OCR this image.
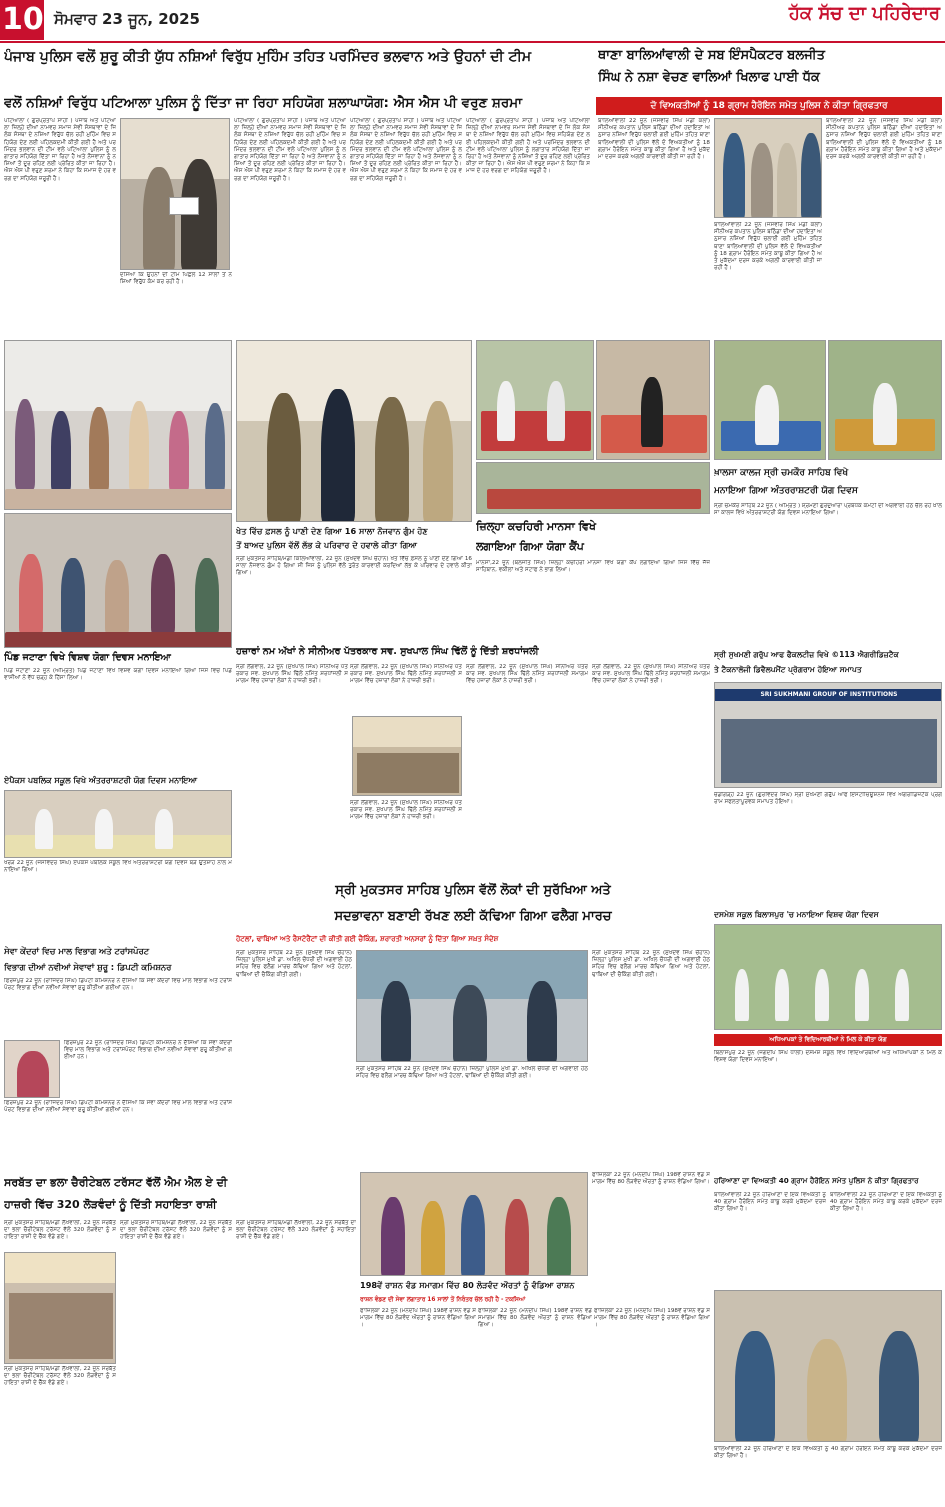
10 ਸੋਮਵਾਰ 23 ਜੂਨ, 2025	ਹੱਕ ਸੱਚ ਦਾ ਪਹਿਰੇਦਾਰ
ਪੰਜਾਬ ਪੁਲਿਸ ਵਲੋਂ ਸ਼ੁਰੂ ਕੀਤੀ ਯੁੱਧ ਨਸ਼ਿਆਂ ਵਿਰੁੱਧ ਮੁਹਿੰਮ ਤਹਿਤ ਪਰਮਿੰਦਰ ਭਲਵਾਨ ਅਤੇ ਉਹਨਾਂ ਦੀ ਟੀਮ
ਵਲੋਂ ਨਸ਼ਿਆਂ ਵਿਰੁੱਧ ਪਟਿਆਲਾ ਪੁਲਿਸ ਨੂੰ ਦਿੱਤਾ ਜਾ ਰਿਹਾ ਸਹਿਯੋਗ ਸ਼ਲਾਘਾਯੋਗ: ਐਸ ਐਸ ਪੀ ਵਰੁਣ ਸ਼ਰਮਾ
ਪਟਿਆਲਾ ( ਗੁਰਪ੍ਰਤਾਪ ਸਾਹੀ ) ਪੰਜਾਬ ਅਤੇ ਪਟਿਆਲਾ ਜ਼ਿਲ੍ਹੇ ਦੀਆਂ ਨਾਮਵਰ ਸਮਾਜ ਸੇਵੀ ਸੰਸਥਾਵਾਂ ਦੇ ਜਿ ਲੋਕ ਸੰਸਥਾ ਦੇ ਨਸ਼ਿਆਂ ਵਿਰੁੱਧ ਚੱਲ ਰਹੀ ਮੁਹਿੰਮ ਵਿਚ ਸਹਿਯੋਗ ਦੇਣ ਲਈ ਪਹਿਲਕਦਮੀ ਕੀਤੀ ਗਈ ਹੈ ਅਤੇ ਪਰਮਿੰਦਰ ਭਲਵਾਨ ਦੀ ਟੀਮ ਵਲੋਂ ਪਟਿਆਲਾ ਪੁਲਿਸ ਨੂੰ ਲਗਾਤਾਰ ਸਹਿਯੋਗ ਦਿੱਤਾ ਜਾ ਰਿਹਾ ਹੈ ਅਤੇ ਨੌਜਵਾਨਾਂ ਨੂੰ ਨਸ਼ਿਆਂ ਤੋਂ ਦੂਰ ਰਹਿਣ ਲਈ ਪ੍ਰੇਰਿਤ ਕੀਤਾ ਜਾ ਰਿਹਾ ਹੈ। ਐਸ ਐਸ ਪੀ ਵਰੁਣ ਸ਼ਰਮਾ ਨੇ ਕਿਹਾ ਕਿ ਸਮਾਜ ਦੇ ਹਰ ਵਰਗ ਦਾ ਸਹਿਯੋਗ ਜ਼ਰੂਰੀ ਹੈ।
ਪਟਿਆਲਾ ( ਗੁਰਪ੍ਰਤਾਪ ਸਾਹੀ ) ਪੰਜਾਬ ਅਤੇ ਪਟਿਆਲਾ ਜ਼ਿਲ੍ਹੇ ਦੀਆਂ ਨਾਮਵਰ ਸਮਾਜ ਸੇਵੀ ਸੰਸਥਾਵਾਂ ਦੇ ਜਿ ਲੋਕ ਸੰਸਥਾ ਦੇ ਨਸ਼ਿਆਂ ਵਿਰੁੱਧ ਚੱਲ ਰਹੀ ਮੁਹਿੰਮ ਵਿਚ ਸਹਿਯੋਗ ਦੇਣ ਲਈ ਪਹਿਲਕਦਮੀ ਕੀਤੀ ਗਈ ਹੈ ਅਤੇ ਪਰਮਿੰਦਰ ਭਲਵਾਨ ਦੀ ਟੀਮ ਵਲੋਂ ਪਟਿਆਲਾ ਪੁਲਿਸ ਨੂੰ ਲਗਾਤਾਰ ਸਹਿਯੋਗ ਦਿੱਤਾ ਜਾ ਰਿਹਾ ਹੈ ਅਤੇ ਨੌਜਵਾਨਾਂ ਨੂੰ ਨਸ਼ਿਆਂ ਤੋਂ ਦੂਰ ਰਹਿਣ ਲਈ ਪ੍ਰੇਰਿਤ ਕੀਤਾ ਜਾ ਰਿਹਾ ਹੈ। ਐਸ ਐਸ ਪੀ ਵਰੁਣ ਸ਼ਰਮਾ ਨੇ ਕਿਹਾ ਕਿ ਸਮਾਜ ਦੇ ਹਰ ਵਰਗ ਦਾ ਸਹਿਯੋਗ ਜ਼ਰੂਰੀ ਹੈ।
ਪਟਿਆਲਾ ( ਗੁਰਪ੍ਰਤਾਪ ਸਾਹੀ ) ਪੰਜਾਬ ਅਤੇ ਪਟਿਆਲਾ ਜ਼ਿਲ੍ਹੇ ਦੀਆਂ ਨਾਮਵਰ ਸਮਾਜ ਸੇਵੀ ਸੰਸਥਾਵਾਂ ਦੇ ਜਿ ਲੋਕ ਸੰਸਥਾ ਦੇ ਨਸ਼ਿਆਂ ਵਿਰੁੱਧ ਚੱਲ ਰਹੀ ਮੁਹਿੰਮ ਵਿਚ ਸਹਿਯੋਗ ਦੇਣ ਲਈ ਪਹਿਲਕਦਮੀ ਕੀਤੀ ਗਈ ਹੈ ਅਤੇ ਪਰਮਿੰਦਰ ਭਲਵਾਨ ਦੀ ਟੀਮ ਵਲੋਂ ਪਟਿਆਲਾ ਪੁਲਿਸ ਨੂੰ ਲਗਾਤਾਰ ਸਹਿਯੋਗ ਦਿੱਤਾ ਜਾ ਰਿਹਾ ਹੈ ਅਤੇ ਨੌਜਵਾਨਾਂ ਨੂੰ ਨਸ਼ਿਆਂ ਤੋਂ ਦੂਰ ਰਹਿਣ ਲਈ ਪ੍ਰੇਰਿਤ ਕੀਤਾ ਜਾ ਰਿਹਾ ਹੈ। ਐਸ ਐਸ ਪੀ ਵਰੁਣ ਸ਼ਰਮਾ ਨੇ ਕਿਹਾ ਕਿ ਸਮਾਜ ਦੇ ਹਰ ਵਰਗ ਦਾ ਸਹਿਯੋਗ ਜ਼ਰੂਰੀ ਹੈ।
ਪਟਿਆਲਾ ( ਗੁਰਪ੍ਰਤਾਪ ਸਾਹੀ ) ਪੰਜਾਬ ਅਤੇ ਪਟਿਆਲਾ ਜ਼ਿਲ੍ਹੇ ਦੀਆਂ ਨਾਮਵਰ ਸਮਾਜ ਸੇਵੀ ਸੰਸਥਾਵਾਂ ਦੇ ਜਿ ਲੋਕ ਸੰਸਥਾ ਦੇ ਨਸ਼ਿਆਂ ਵਿਰੁੱਧ ਚੱਲ ਰਹੀ ਮੁਹਿੰਮ ਵਿਚ ਸਹਿਯੋਗ ਦੇਣ ਲਈ ਪਹਿਲਕਦਮੀ ਕੀਤੀ ਗਈ ਹੈ ਅਤੇ ਪਰਮਿੰਦਰ ਭਲਵਾਨ ਦੀ ਟੀਮ ਵਲੋਂ ਪਟਿਆਲਾ ਪੁਲਿਸ ਨੂੰ ਲਗਾਤਾਰ ਸਹਿਯੋਗ ਦਿੱਤਾ ਜਾ ਰਿਹਾ ਹੈ ਅਤੇ ਨੌਜਵਾਨਾਂ ਨੂੰ ਨਸ਼ਿਆਂ ਤੋਂ ਦੂਰ ਰਹਿਣ ਲਈ ਪ੍ਰੇਰਿਤ ਕੀਤਾ ਜਾ ਰਿਹਾ ਹੈ। ਐਸ ਐਸ ਪੀ ਵਰੁਣ ਸ਼ਰਮਾ ਨੇ ਕਿਹਾ ਕਿ ਸਮਾਜ ਦੇ ਹਰ ਵਰਗ ਦਾ ਸਹਿਯੋਗ ਜ਼ਰੂਰੀ ਹੈ।
ਦਸਿਆ ਕਿ ਉਹਨਾਂ ਦੀ ਟੀਮ ਪਿਛਲੇ 12 ਸਾਲਾਂ ਤੋਂ ਨਸ਼ਿਆਂ ਵਿਰੁੱਧ ਕੰਮ ਕਰ ਰਹੀ ਹੈ।
ਥਾਣਾ ਬਾਲਿਆਂਵਾਲੀ ਦੇ ਸਬ ਇੰਸਪੈਕਟਰ ਬਲਜੀਤ
ਸਿੰਘ ਨੇ ਨਸ਼ਾ ਵੇਚਣ ਵਾਲਿਆਂ ਖਿਲਾਫ ਪਾਈ ਧੱਕ
ਦੋ ਵਿਅਕਤੀਆਂ ਨੂੰ 18 ਗ੍ਰਾਮ ਹੈਰੋਇਨ ਸਮੇਤ ਪੁਲਿਸ ਨੇ ਕੀਤਾ ਗ੍ਰਿਫਤਾਰ
ਬਾਲਿਆਂਵਾਲੀ 22 ਜੂਨ (ਜਸਵੀਰ ਸਿੰਘ ਮੰਡੀ ਕਲਾਂ) ਸੀਨੀਅਰ ਕਪਤਾਨ ਪੁਲਿਸ ਬਠਿੰਡਾ ਦੀਆਂ ਹਦਾਇਤਾਂ ਅਨੁਸਾਰ ਨਸ਼ਿਆਂ ਵਿਰੁੱਧ ਚਲਾਈ ਗਈ ਮੁਹਿੰਮ ਤਹਿਤ ਥਾਣਾ ਬਾਲਿਆਂਵਾਲੀ ਦੀ ਪੁਲਿਸ ਵੱਲੋਂ ਦੋ ਵਿਅਕਤੀਆਂ ਨੂੰ 18 ਗ੍ਰਾਮ ਹੈਰੋਇਨ ਸਮੇਤ ਕਾਬੂ ਕੀਤਾ ਗਿਆ ਹੈ ਅਤੇ ਮੁਕੱਦਮਾ ਦਰਜ ਕਰਕੇ ਅਗਲੀ ਕਾਰਵਾਈ ਕੀਤੀ ਜਾ ਰਹੀ ਹੈ।
ਬਾਲਿਆਂਵਾਲੀ 22 ਜੂਨ (ਜਸਵੀਰ ਸਿੰਘ ਮੰਡੀ ਕਲਾਂ) ਸੀਨੀਅਰ ਕਪਤਾਨ ਪੁਲਿਸ ਬਠਿੰਡਾ ਦੀਆਂ ਹਦਾਇਤਾਂ ਅਨੁਸਾਰ ਨਸ਼ਿਆਂ ਵਿਰੁੱਧ ਚਲਾਈ ਗਈ ਮੁਹਿੰਮ ਤਹਿਤ ਥਾਣਾ ਬਾਲਿਆਂਵਾਲੀ ਦੀ ਪੁਲਿਸ ਵੱਲੋਂ ਦੋ ਵਿਅਕਤੀਆਂ ਨੂੰ 18 ਗ੍ਰਾਮ ਹੈਰੋਇਨ ਸਮੇਤ ਕਾਬੂ ਕੀਤਾ ਗਿਆ ਹੈ ਅਤੇ ਮੁਕੱਦਮਾ ਦਰਜ ਕਰਕੇ ਅਗਲੀ ਕਾਰਵਾਈ ਕੀਤੀ ਜਾ ਰਹੀ ਹੈ।
ਬਾਲਿਆਂਵਾਲੀ 22 ਜੂਨ (ਜਸਵੀਰ ਸਿੰਘ ਮੰਡੀ ਕਲਾਂ) ਸੀਨੀਅਰ ਕਪਤਾਨ ਪੁਲਿਸ ਬਠਿੰਡਾ ਦੀਆਂ ਹਦਾਇਤਾਂ ਅਨੁਸਾਰ ਨਸ਼ਿਆਂ ਵਿਰੁੱਧ ਚਲਾਈ ਗਈ ਮੁਹਿੰਮ ਤਹਿਤ ਥਾਣਾ ਬਾਲਿਆਂਵਾਲੀ ਦੀ ਪੁਲਿਸ ਵੱਲੋਂ ਦੋ ਵਿਅਕਤੀਆਂ ਨੂੰ 18 ਗ੍ਰਾਮ ਹੈਰੋਇਨ ਸਮੇਤ ਕਾਬੂ ਕੀਤਾ ਗਿਆ ਹੈ ਅਤੇ ਮੁਕੱਦਮਾ ਦਰਜ ਕਰਕੇ ਅਗਲੀ ਕਾਰਵਾਈ ਕੀਤੀ ਜਾ ਰਹੀ ਹੈ।
ਪਿੰਡ ਜਟਾਣਾ ਵਿਖੇ ਵਿਸ਼ਵ ਯੋਗਾ ਦਿਵਸ ਮਨਾਇਆ
ਪਿੰਡ ਜਟਾਣਾ 22 ਜੂਨ (ਅੰਮ੍ਰਿਤ) ਪਿੰਡ ਜਟਾਣਾ ਵਿਖੇ ਵਿਸ਼ਵ ਯੋਗਾ ਦਿਵਸ ਮਨਾਇਆ ਗਿਆ ਜਿਸ ਵਿਚ ਪਿੰਡ ਵਾਸੀਆਂ ਨੇ ਵੱਧ ਚੜ੍ਹ ਕੇ ਹਿੱਸਾ ਲਿਆ।
ਏਪੈਕਸ ਪਬਲਿਕ ਸਕੂਲ ਵਿਖੇ ਅੰਤਰਰਾਸ਼ਟਰੀ ਯੋਗ ਦਿਵਸ ਮਨਾਇਆ
ਖੇਤ ਵਿੱਚ ਫ਼ਸਲ ਨੂੰ ਪਾਣੀ ਦੇਣ ਗਿਆ 16 ਸਾਲਾ ਨੌਜਵਾਨ ਗੁੰਮ ਹੋਣ
ਤੋਂ ਬਾਅਦ ਪੁਲਿਸ ਵੱਲੋਂ ਲੱਭ ਕੇ ਪਰਿਵਾਰ ਦੇ ਹਵਾਲੇ ਕੀਤਾ ਗਿਆ
ਸ੍ਰੀ ਮੁਕਤਸਰ ਸਾਹਿਬ/ਮੰਡੀ ਕਿਲਿਆਂਵਾਲੀ, 22 ਜੂਨ (ਸੁਖਦੇਵ ਸਿੰਘ ਚੌਹਾਨ) ਖੇਤ ਵਿੱਚ ਫ਼ਸਲ ਨੂੰ ਪਾਣੀ ਦੇਣ ਗਿਆ 16 ਸਾਲਾ ਨੌਜਵਾਨ ਗੁੰਮ ਹੋ ਗਿਆ ਸੀ ਜਿਸ ਨੂੰ ਪੁਲਿਸ ਵੱਲੋਂ ਤੁਰੰਤ ਕਾਰਵਾਈ ਕਰਦਿਆਂ ਲੱਭ ਕੇ ਪਰਿਵਾਰ ਦੇ ਹਵਾਲੇ ਕੀਤਾ ਗਿਆ।
ਜ਼ਿਲ੍ਹਾ ਕਚਹਿਰੀ ਮਾਨਸਾ ਵਿਖੇ
ਲਗਾਇਆ ਗਿਆ ਯੋਗਾ ਕੈਂਪ
ਮਾਨਸਾ,22 ਜੂਨ (ਬਲਜੀਤ ਸਿੰਘ) ਜ਼ਿਲ੍ਹਾ ਕਚਹਿਰੀ ਮਾਨਸਾ ਵਿਖੇ ਯੋਗਾ ਕੈਂਪ ਲਗਾਇਆ ਗਿਆ ਜਿਸ ਵਿੱਚ ਜੱਜ ਸਾਹਿਬਾਨ, ਵਕੀਲਾਂ ਅਤੇ ਸਟਾਫ ਨੇ ਭਾਗ ਲਿਆ।
ਖ਼ਾਲਸਾ ਕਾਲਜ ਸ੍ਰੀ ਚਮਕੌਰ ਸਾਹਿਬ ਵਿਖੇ
ਮਨਾਇਆ ਗਿਆ ਅੰਤਰਰਾਸ਼ਟਰੀ ਯੋਗ ਦਿਵਸ
ਸ੍ਰੀ ਚਮਕੌਰ ਸਾਹਿਬ 22 ਜੂਨ ( ਅੰਮ੍ਰਿਤ ) ਸ਼੍ਰੋਮਣੀ ਗੁਰਦੁਆਰਾ ਪ੍ਰਬੰਧਕ ਕਮੇਟੀ ਦੀ ਅਗਵਾਈ ਹੇਠ ਚੱਲ ਰਹੇ ਖ਼ਾਲਸਾ ਕਾਲਜ ਵਿਖੇ ਅੰਤਰਰਾਸ਼ਟਰੀ ਯੋਗ ਦਿਵਸ ਮਨਾਇਆ ਗਿਆ।
ਹਜ਼ਾਰਾਂ ਨਮ ਅੱਖਾਂ ਨੇ ਸੀਨੀਅਰ ਪੱਤਰਕਾਰ ਸਵ. ਸੁਖਪਾਲ ਸਿੰਘ ਢਿੱਲੋਂ ਨੂੰ ਦਿੱਤੀ ਸ਼ਰਧਾਂਜਲੀ
ਸ੍ਰੀ ਲੌਂਗੋਵਾਲ, 22 ਜੂਨ (ਸੁਖਪਾਲ ਸਿੰਘ) ਸੀਨੀਅਰ ਪੱਤਰਕਾਰ ਸਵ. ਸੁਖਪਾਲ ਸਿੰਘ ਢਿੱਲੋਂ ਨਮਿੱਤ ਸ਼ਰਧਾਂਜਲੀ ਸਮਾਗਮ ਵਿੱਚ ਹਜ਼ਾਰਾਂ ਲੋਕਾਂ ਨੇ ਹਾਜ਼ਰੀ ਭਰੀ।
ਸ੍ਰੀ ਲੌਂਗੋਵਾਲ, 22 ਜੂਨ (ਸੁਖਪਾਲ ਸਿੰਘ) ਸੀਨੀਅਰ ਪੱਤਰਕਾਰ ਸਵ. ਸੁਖਪਾਲ ਸਿੰਘ ਢਿੱਲੋਂ ਨਮਿੱਤ ਸ਼ਰਧਾਂਜਲੀ ਸਮਾਗਮ ਵਿੱਚ ਹਜ਼ਾਰਾਂ ਲੋਕਾਂ ਨੇ ਹਾਜ਼ਰੀ ਭਰੀ।
ਸ੍ਰੀ ਲੌਂਗੋਵਾਲ, 22 ਜੂਨ (ਸੁਖਪਾਲ ਸਿੰਘ) ਸੀਨੀਅਰ ਪੱਤਰਕਾਰ ਸਵ. ਸੁਖਪਾਲ ਸਿੰਘ ਢਿੱਲੋਂ ਨਮਿੱਤ ਸ਼ਰਧਾਂਜਲੀ ਸਮਾਗਮ ਵਿੱਚ ਹਜ਼ਾਰਾਂ ਲੋਕਾਂ ਨੇ ਹਾਜ਼ਰੀ ਭਰੀ।
ਸ੍ਰੀ ਲੌਂਗੋਵਾਲ, 22 ਜੂਨ (ਸੁਖਪਾਲ ਸਿੰਘ) ਸੀਨੀਅਰ ਪੱਤਰਕਾਰ ਸਵ. ਸੁਖਪਾਲ ਸਿੰਘ ਢਿੱਲੋਂ ਨਮਿੱਤ ਸ਼ਰਧਾਂਜਲੀ ਸਮਾਗਮ ਵਿੱਚ ਹਜ਼ਾਰਾਂ ਲੋਕਾਂ ਨੇ ਹਾਜ਼ਰੀ ਭਰੀ।
ਸ੍ਰੀ ਲੌਂਗੋਵਾਲ, 22 ਜੂਨ (ਸੁਖਪਾਲ ਸਿੰਘ) ਸੀਨੀਅਰ ਪੱਤਰਕਾਰ ਸਵ. ਸੁਖਪਾਲ ਸਿੰਘ ਢਿੱਲੋਂ ਨਮਿੱਤ ਸ਼ਰਧਾਂਜਲੀ ਸਮਾਗਮ ਵਿੱਚ ਹਜ਼ਾਰਾਂ ਲੋਕਾਂ ਨੇ ਹਾਜ਼ਰੀ ਭਰੀ।
ਸ੍ਰੀ ਸੁਖਮਣੀ ਗਰੁੱਪ ਆਫ ਫੈਕਲਟੀਜ਼ ਵਿਖੇ ©113 ਐਗਰੀਡਿਜ਼ਟੈਕ
ਤੇ ਟੈਕਨਾਲੋਜੀ ਡਿਵੈਲਪਮੈਂਟ ਪ੍ਰੋਗਰਾਮ ਹੋਇਆ ਸਮਾਪਤ
SRI SUKHMANI GROUP OF INSTITUTIONS
ਚੰਡੀਗੜ੍ਹ 22 ਜੂਨ (ਗੁਰਵਿੰਦਰ ਸਿੰਘ) ਸ੍ਰੀ ਸੁਖਮਣੀ ਗਰੁੱਪ ਆਫ ਇੰਸਟੀਚਿਊਸ਼ਨਜ਼ ਵਿਖੇ ਐਗਰੀਡਿਜ਼ਟੈਕ ਪ੍ਰੋਗਰਾਮ ਸਫਲਤਾਪੂਰਵਕ ਸਮਾਪਤ ਹੋਇਆ।
ਖਰੜ 22 ਜੂਨ (ਜਸਵਿੰਦਰ ਸਿੰਘ) ਏਪੈਕਸ ਪਬਲਿਕ ਸਕੂਲ ਵਿਖੇ ਅੰਤਰਰਾਸ਼ਟਰੀ ਯੋਗ ਦਿਵਸ ਬੜੇ ਉਤਸ਼ਾਹ ਨਾਲ ਮਨਾਇਆ ਗਿਆ।
ਸ੍ਰੀ ਮੁਕਤਸਰ ਸਾਹਿਬ ਪੁਲਿਸ ਵੱਲੋਂ ਲੋਕਾਂ ਦੀ ਸੁਰੱਖਿਆ ਅਤੇ
ਸਦਭਾਵਨਾ ਬਣਾਈ ਰੱਖਣ ਲਈ ਕੱਢਿਆ ਗਿਆ ਫਲੈਗ ਮਾਰਚ
ਹੋਟਲਾਂ, ਢਾਬਿਆਂ ਅਤੇ ਰੈਸਟੋਰੈਂਟਾਂ ਦੀ ਕੀਤੀ ਗਈ ਚੈਕਿੰਗ, ਸ਼ਰਾਰਤੀ ਅਨਸਰਾਂ ਨੂੰ ਦਿੱਤਾ ਗਿਆ ਸਖ਼ਤ ਸੰਦੇਸ਼
ਸ੍ਰੀ ਮੁਕਤਸਰ ਸਾਹਿਬ 22 ਜੂਨ (ਸੁਖਦੇਵ ਸਿੰਘ ਚੌਹਾਨ) ਜ਼ਿਲ੍ਹਾ ਪੁਲਿਸ ਮੁਖੀ ਡਾ. ਅਖਿਲ ਚੌਧਰੀ ਦੀ ਅਗਵਾਈ ਹੇਠ ਸ਼ਹਿਰ ਵਿਚ ਫਲੈਗ ਮਾਰਚ ਕੱਢਿਆ ਗਿਆ ਅਤੇ ਹੋਟਲਾਂ, ਢਾਬਿਆਂ ਦੀ ਚੈਕਿੰਗ ਕੀਤੀ ਗਈ।
ਸ੍ਰੀ ਮੁਕਤਸਰ ਸਾਹਿਬ 22 ਜੂਨ (ਸੁਖਦੇਵ ਸਿੰਘ ਚੌਹਾਨ) ਜ਼ਿਲ੍ਹਾ ਪੁਲਿਸ ਮੁਖੀ ਡਾ. ਅਖਿਲ ਚੌਧਰੀ ਦੀ ਅਗਵਾਈ ਹੇਠ ਸ਼ਹਿਰ ਵਿਚ ਫਲੈਗ ਮਾਰਚ ਕੱਢਿਆ ਗਿਆ ਅਤੇ ਹੋਟਲਾਂ, ਢਾਬਿਆਂ ਦੀ ਚੈਕਿੰਗ ਕੀਤੀ ਗਈ।
ਸ੍ਰੀ ਮੁਕਤਸਰ ਸਾਹਿਬ 22 ਜੂਨ (ਸੁਖਦੇਵ ਸਿੰਘ ਚੌਹਾਨ) ਜ਼ਿਲ੍ਹਾ ਪੁਲਿਸ ਮੁਖੀ ਡਾ. ਅਖਿਲ ਚੌਧਰੀ ਦੀ ਅਗਵਾਈ ਹੇਠ ਸ਼ਹਿਰ ਵਿਚ ਫਲੈਗ ਮਾਰਚ ਕੱਢਿਆ ਗਿਆ ਅਤੇ ਹੋਟਲਾਂ, ਢਾਬਿਆਂ ਦੀ ਚੈਕਿੰਗ ਕੀਤੀ ਗਈ।
ਸੇਵਾ ਕੇਂਦਰਾਂ ਵਿਚ ਮਾਲ ਵਿਭਾਗ ਅਤੇ ਟਰਾਂਸਪੋਰਟ
ਵਿਭਾਗ ਦੀਆਂ ਨਵੀਆਂ ਸੇਵਾਵਾਂ ਸ਼ੁਰੂ : ਡਿਪਟੀ ਕਮਿਸ਼ਨਰ
ਫਿਰੋਜ਼ਪੁਰ 22 ਜੂਨ (ਰਾਜਿੰਦਰ ਸਿੰਘ) ਡਿਪਟੀ ਕਮਿਸ਼ਨਰ ਨੇ ਦੱਸਿਆ ਕਿ ਸੇਵਾ ਕੇਂਦਰਾਂ ਵਿਚ ਮਾਲ ਵਿਭਾਗ ਅਤੇ ਟਰਾਂਸਪੋਰਟ ਵਿਭਾਗ ਦੀਆਂ ਨਵੀਆਂ ਸੇਵਾਵਾਂ ਸ਼ੁਰੂ ਕੀਤੀਆਂ ਗਈਆਂ ਹਨ।
ਫਿਰੋਜ਼ਪੁਰ 22 ਜੂਨ (ਰਾਜਿੰਦਰ ਸਿੰਘ) ਡਿਪਟੀ ਕਮਿਸ਼ਨਰ ਨੇ ਦੱਸਿਆ ਕਿ ਸੇਵਾ ਕੇਂਦਰਾਂ ਵਿਚ ਮਾਲ ਵਿਭਾਗ ਅਤੇ ਟਰਾਂਸਪੋਰਟ ਵਿਭਾਗ ਦੀਆਂ ਨਵੀਆਂ ਸੇਵਾਵਾਂ ਸ਼ੁਰੂ ਕੀਤੀਆਂ ਗਈਆਂ ਹਨ।
ਫਿਰੋਜ਼ਪੁਰ 22 ਜੂਨ (ਰਾਜਿੰਦਰ ਸਿੰਘ) ਡਿਪਟੀ ਕਮਿਸ਼ਨਰ ਨੇ ਦੱਸਿਆ ਕਿ ਸੇਵਾ ਕੇਂਦਰਾਂ ਵਿਚ ਮਾਲ ਵਿਭਾਗ ਅਤੇ ਟਰਾਂਸਪੋਰਟ ਵਿਭਾਗ ਦੀਆਂ ਨਵੀਆਂ ਸੇਵਾਵਾਂ ਸ਼ੁਰੂ ਕੀਤੀਆਂ ਗਈਆਂ ਹਨ।
ਦਸਮੇਸ਼ ਸਕੂਲ ਬਿਲਾਸਪੁਰ 'ਚ ਮਨਾਇਆ ਵਿਸ਼ਵ ਯੋਗਾ ਦਿਵਸ
ਅਧਿਆਪਕਾਂ ਤੇ ਵਿਦਿਆਰਥੀਆਂ ਨੇ ਮਿਲ ਕੇ ਕੀਤਾ ਯੋਗ
ਬਿਲਾਸਪੁਰ 22 ਜੂਨ (ਜਗਦੀਪ ਸਿੰਘ ਧਾਲੀ) ਦਸਮੇਸ਼ ਸਕੂਲ ਵਿਖੇ ਵਿਦਿਆਰਥੀਆਂ ਅਤੇ ਅਧਿਆਪਕਾਂ ਨੇ ਮਿਲ ਕੇ ਵਿਸ਼ਵ ਯੋਗਾ ਦਿਵਸ ਮਨਾਇਆ।
ਸਰਬੱਤ ਦਾ ਭਲਾ ਚੈਰੀਟੇਬਲ ਟਰੱਸਟ ਵੱਲੋਂ ਐਮ ਐਲ ਏ ਦੀ
ਹਾਜ਼ਰੀ ਵਿੱਚ 320 ਲੋੜਵੰਦਾਂ ਨੂੰ ਦਿੱਤੀ ਸਹਾਇਤਾ ਰਾਸ਼ੀ
ਸ੍ਰੀ ਮੁਕਤਸਰ ਸਾਹਿਬ/ਮੰਡੀ ਲੱਖੇਵਾਲੀ, 22 ਜੂਨ ਸਰਬੱਤ ਦਾ ਭਲਾ ਚੈਰੀਟੇਬਲ ਟਰੱਸਟ ਵੱਲੋਂ 320 ਲੋੜਵੰਦਾਂ ਨੂੰ ਸਹਾਇਤਾ ਰਾਸ਼ੀ ਦੇ ਚੈੱਕ ਵੰਡੇ ਗਏ।
ਸ੍ਰੀ ਮੁਕਤਸਰ ਸਾਹਿਬ/ਮੰਡੀ ਲੱਖੇਵਾਲੀ, 22 ਜੂਨ ਸਰਬੱਤ ਦਾ ਭਲਾ ਚੈਰੀਟੇਬਲ ਟਰੱਸਟ ਵੱਲੋਂ 320 ਲੋੜਵੰਦਾਂ ਨੂੰ ਸਹਾਇਤਾ ਰਾਸ਼ੀ ਦੇ ਚੈੱਕ ਵੰਡੇ ਗਏ।
ਸ੍ਰੀ ਮੁਕਤਸਰ ਸਾਹਿਬ/ਮੰਡੀ ਲੱਖੇਵਾਲੀ, 22 ਜੂਨ ਸਰਬੱਤ ਦਾ ਭਲਾ ਚੈਰੀਟੇਬਲ ਟਰੱਸਟ ਵੱਲੋਂ 320 ਲੋੜਵੰਦਾਂ ਨੂੰ ਸਹਾਇਤਾ ਰਾਸ਼ੀ ਦੇ ਚੈੱਕ ਵੰਡੇ ਗਏ।
ਸ੍ਰੀ ਮੁਕਤਸਰ ਸਾਹਿਬ/ਮੰਡੀ ਲੱਖੇਵਾਲੀ, 22 ਜੂਨ ਸਰਬੱਤ ਦਾ ਭਲਾ ਚੈਰੀਟੇਬਲ ਟਰੱਸਟ ਵੱਲੋਂ 320 ਲੋੜਵੰਦਾਂ ਨੂੰ ਸਹਾਇਤਾ ਰਾਸ਼ੀ ਦੇ ਚੈੱਕ ਵੰਡੇ ਗਏ।
198ਵੇਂ ਰਾਸ਼ਨ ਵੰਡ ਸਮਾਗਮ ਵਿੱਚ 80 ਲੋੜਵੰਦ ਔਰਤਾਂ ਨੂੰ ਵੰਡਿਆ ਰਾਸ਼ਨ
ਰਾਸ਼ਨ ਵੰਡਣ ਦੀ ਸੇਵਾ ਲਗਾਤਾਰ 16 ਸਾਲਾਂ ਤੋਂ ਨਿਰੰਤਰ ਚੱਲ ਰਹੀ ਹੈ - ਟਕਸਿਆਂ
ਫਾਜ਼ਿਲਕਾ 22 ਜੂਨ (ਮਨਦੀਪ ਸਿੰਘ) 198ਵੇਂ ਰਾਸ਼ਨ ਵੰਡ ਸਮਾਗਮ ਵਿੱਚ 80 ਲੋੜਵੰਦ ਔਰਤਾਂ ਨੂੰ ਰਾਸ਼ਨ ਵੰਡਿਆ ਗਿਆ।
ਫਾਜ਼ਿਲਕਾ 22 ਜੂਨ (ਮਨਦੀਪ ਸਿੰਘ) 198ਵੇਂ ਰਾਸ਼ਨ ਵੰਡ ਸਮਾਗਮ ਵਿੱਚ 80 ਲੋੜਵੰਦ ਔਰਤਾਂ ਨੂੰ ਰਾਸ਼ਨ ਵੰਡਿਆ ਗਿਆ।
ਫਾਜ਼ਿਲਕਾ 22 ਜੂਨ (ਮਨਦੀਪ ਸਿੰਘ) 198ਵੇਂ ਰਾਸ਼ਨ ਵੰਡ ਸਮਾਗਮ ਵਿੱਚ 80 ਲੋੜਵੰਦ ਔਰਤਾਂ ਨੂੰ ਰਾਸ਼ਨ ਵੰਡਿਆ ਗਿਆ।
ਫਾਜ਼ਿਲਕਾ 22 ਜੂਨ (ਮਨਦੀਪ ਸਿੰਘ) 198ਵੇਂ ਰਾਸ਼ਨ ਵੰਡ ਸਮਾਗਮ ਵਿੱਚ 80 ਲੋੜਵੰਦ ਔਰਤਾਂ ਨੂੰ ਰਾਸ਼ਨ ਵੰਡਿਆ ਗਿਆ।
ਹਰਿਆਣਾ ਦਾ ਵਿਅਕਤੀ 40 ਗ੍ਰਾਮ ਹੈਰੋਇਨ ਸਮੇਤ ਪੁਲਿਸ ਨੇ ਕੀਤਾ ਗ੍ਰਿਫਤਾਰ
ਬਾਲਿਆਂਵਾਲੀ 22 ਜੂਨ ਹਰਿਆਣਾ ਦੇ ਇਕ ਵਿਅਕਤੀ ਨੂੰ 40 ਗ੍ਰਾਮ ਹੈਰੋਇਨ ਸਮੇਤ ਕਾਬੂ ਕਰਕੇ ਮੁਕੱਦਮਾ ਦਰਜ ਕੀਤਾ ਗਿਆ ਹੈ।
ਬਾਲਿਆਂਵਾਲੀ 22 ਜੂਨ ਹਰਿਆਣਾ ਦੇ ਇਕ ਵਿਅਕਤੀ ਨੂੰ 40 ਗ੍ਰਾਮ ਹੈਰੋਇਨ ਸਮੇਤ ਕਾਬੂ ਕਰਕੇ ਮੁਕੱਦਮਾ ਦਰਜ ਕੀਤਾ ਗਿਆ ਹੈ।
ਬਾਲਿਆਂਵਾਲੀ 22 ਜੂਨ ਹਰਿਆਣਾ ਦੇ ਇਕ ਵਿਅਕਤੀ ਨੂੰ 40 ਗ੍ਰਾਮ ਹੈਰੋਇਨ ਸਮੇਤ ਕਾਬੂ ਕਰਕੇ ਮੁਕੱਦਮਾ ਦਰਜ ਕੀਤਾ ਗਿਆ ਹੈ।
